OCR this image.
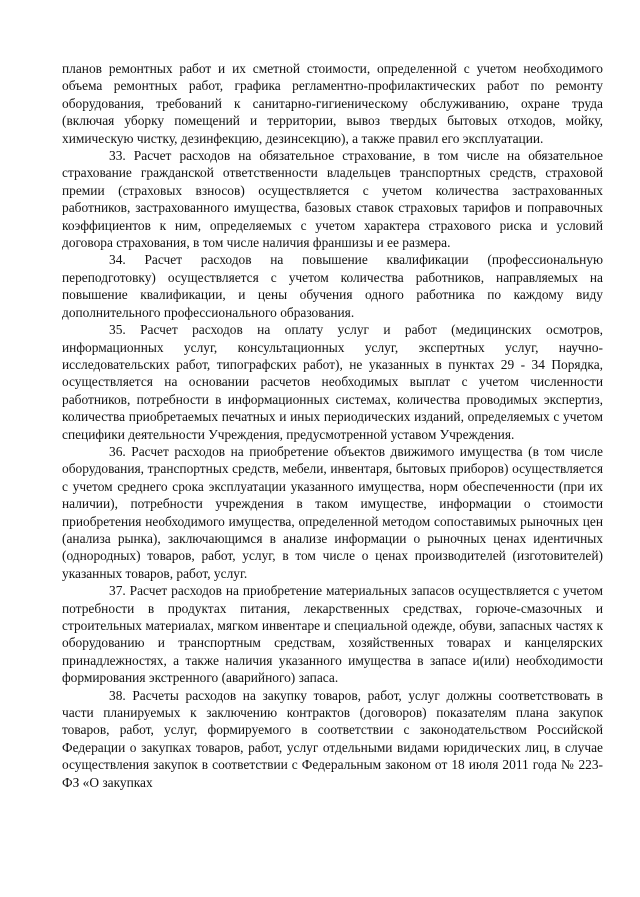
планов ремонтных работ и их сметной стоимости, определенной с учетом необходимого объема ремонтных работ, графика регламентно-профилактических работ по ремонту оборудования, требований к санитарно-гигиеническому обслуживанию, охране труда (включая уборку помещений и территории, вывоз твердых бытовых отходов, мойку, химическую чистку, дезинфекцию, дезинсекцию), а также правил его эксплуатации.

33. Расчет расходов на обязательное страхование, в том числе на обязательное страхование гражданской ответственности владельцев транспортных средств, страховой премии (страховых взносов) осуществляется с учетом количества застрахованных работников, застрахованного имущества, базовых ставок страховых тарифов и поправочных коэффициентов к ним, определяемых с учетом характера страхового риска и условий договора страхования, в том числе наличия франшизы и ее размера.

34. Расчет расходов на повышение квалификации (профессиональную переподготовку) осуществляется с учетом количества работников, направляемых на повышение квалификации, и цены обучения одного работника по каждому виду дополнительного профессионального образования.

35. Расчет расходов на оплату услуг и работ (медицинских осмотров, информационных услуг, консультационных услуг, экспертных услуг, научно-исследовательских работ, типографских работ), не указанных в пунктах 29 - 34 Порядка, осуществляется на основании расчетов необходимых выплат с учетом численности работников, потребности в информационных системах, количества проводимых экспертиз, количества приобретаемых печатных и иных периодических изданий, определяемых с учетом специфики деятельности Учреждения, предусмотренной уставом Учреждения.

36. Расчет расходов на приобретение объектов движимого имущества (в том числе оборудования, транспортных средств, мебели, инвентаря, бытовых приборов) осуществляется с учетом среднего срока эксплуатации указанного имущества, норм обеспеченности (при их наличии), потребности учреждения в таком имуществе, информации о стоимости приобретения необходимого имущества, определенной методом сопоставимых рыночных цен (анализа рынка), заключающимся в анализе информации о рыночных ценах идентичных (однородных) товаров, работ, услуг, в том числе о ценах производителей (изготовителей) указанных товаров, работ, услуг.

37. Расчет расходов на приобретение материальных запасов осуществляется с учетом потребности в продуктах питания, лекарственных средствах, горюче-смазочных и строительных материалах, мягком инвентаре и специальной одежде, обуви, запасных частях к оборудованию и транспортным средствам, хозяйственных товарах и канцелярских принадлежностях, а также наличия указанного имущества в запасе и(или) необходимости формирования экстренного (аварийного) запаса.

38. Расчеты расходов на закупку товаров, работ, услуг должны соответствовать в части планируемых к заключению контрактов (договоров) показателям плана закупок товаров, работ, услуг, формируемого в соответствии с законодательством Российской Федерации о закупках товаров, работ, услуг отдельными видами юридических лиц, в случае осуществления закупок в соответствии с Федеральным законом от 18 июля 2011 года № 223-ФЗ «О закупках
